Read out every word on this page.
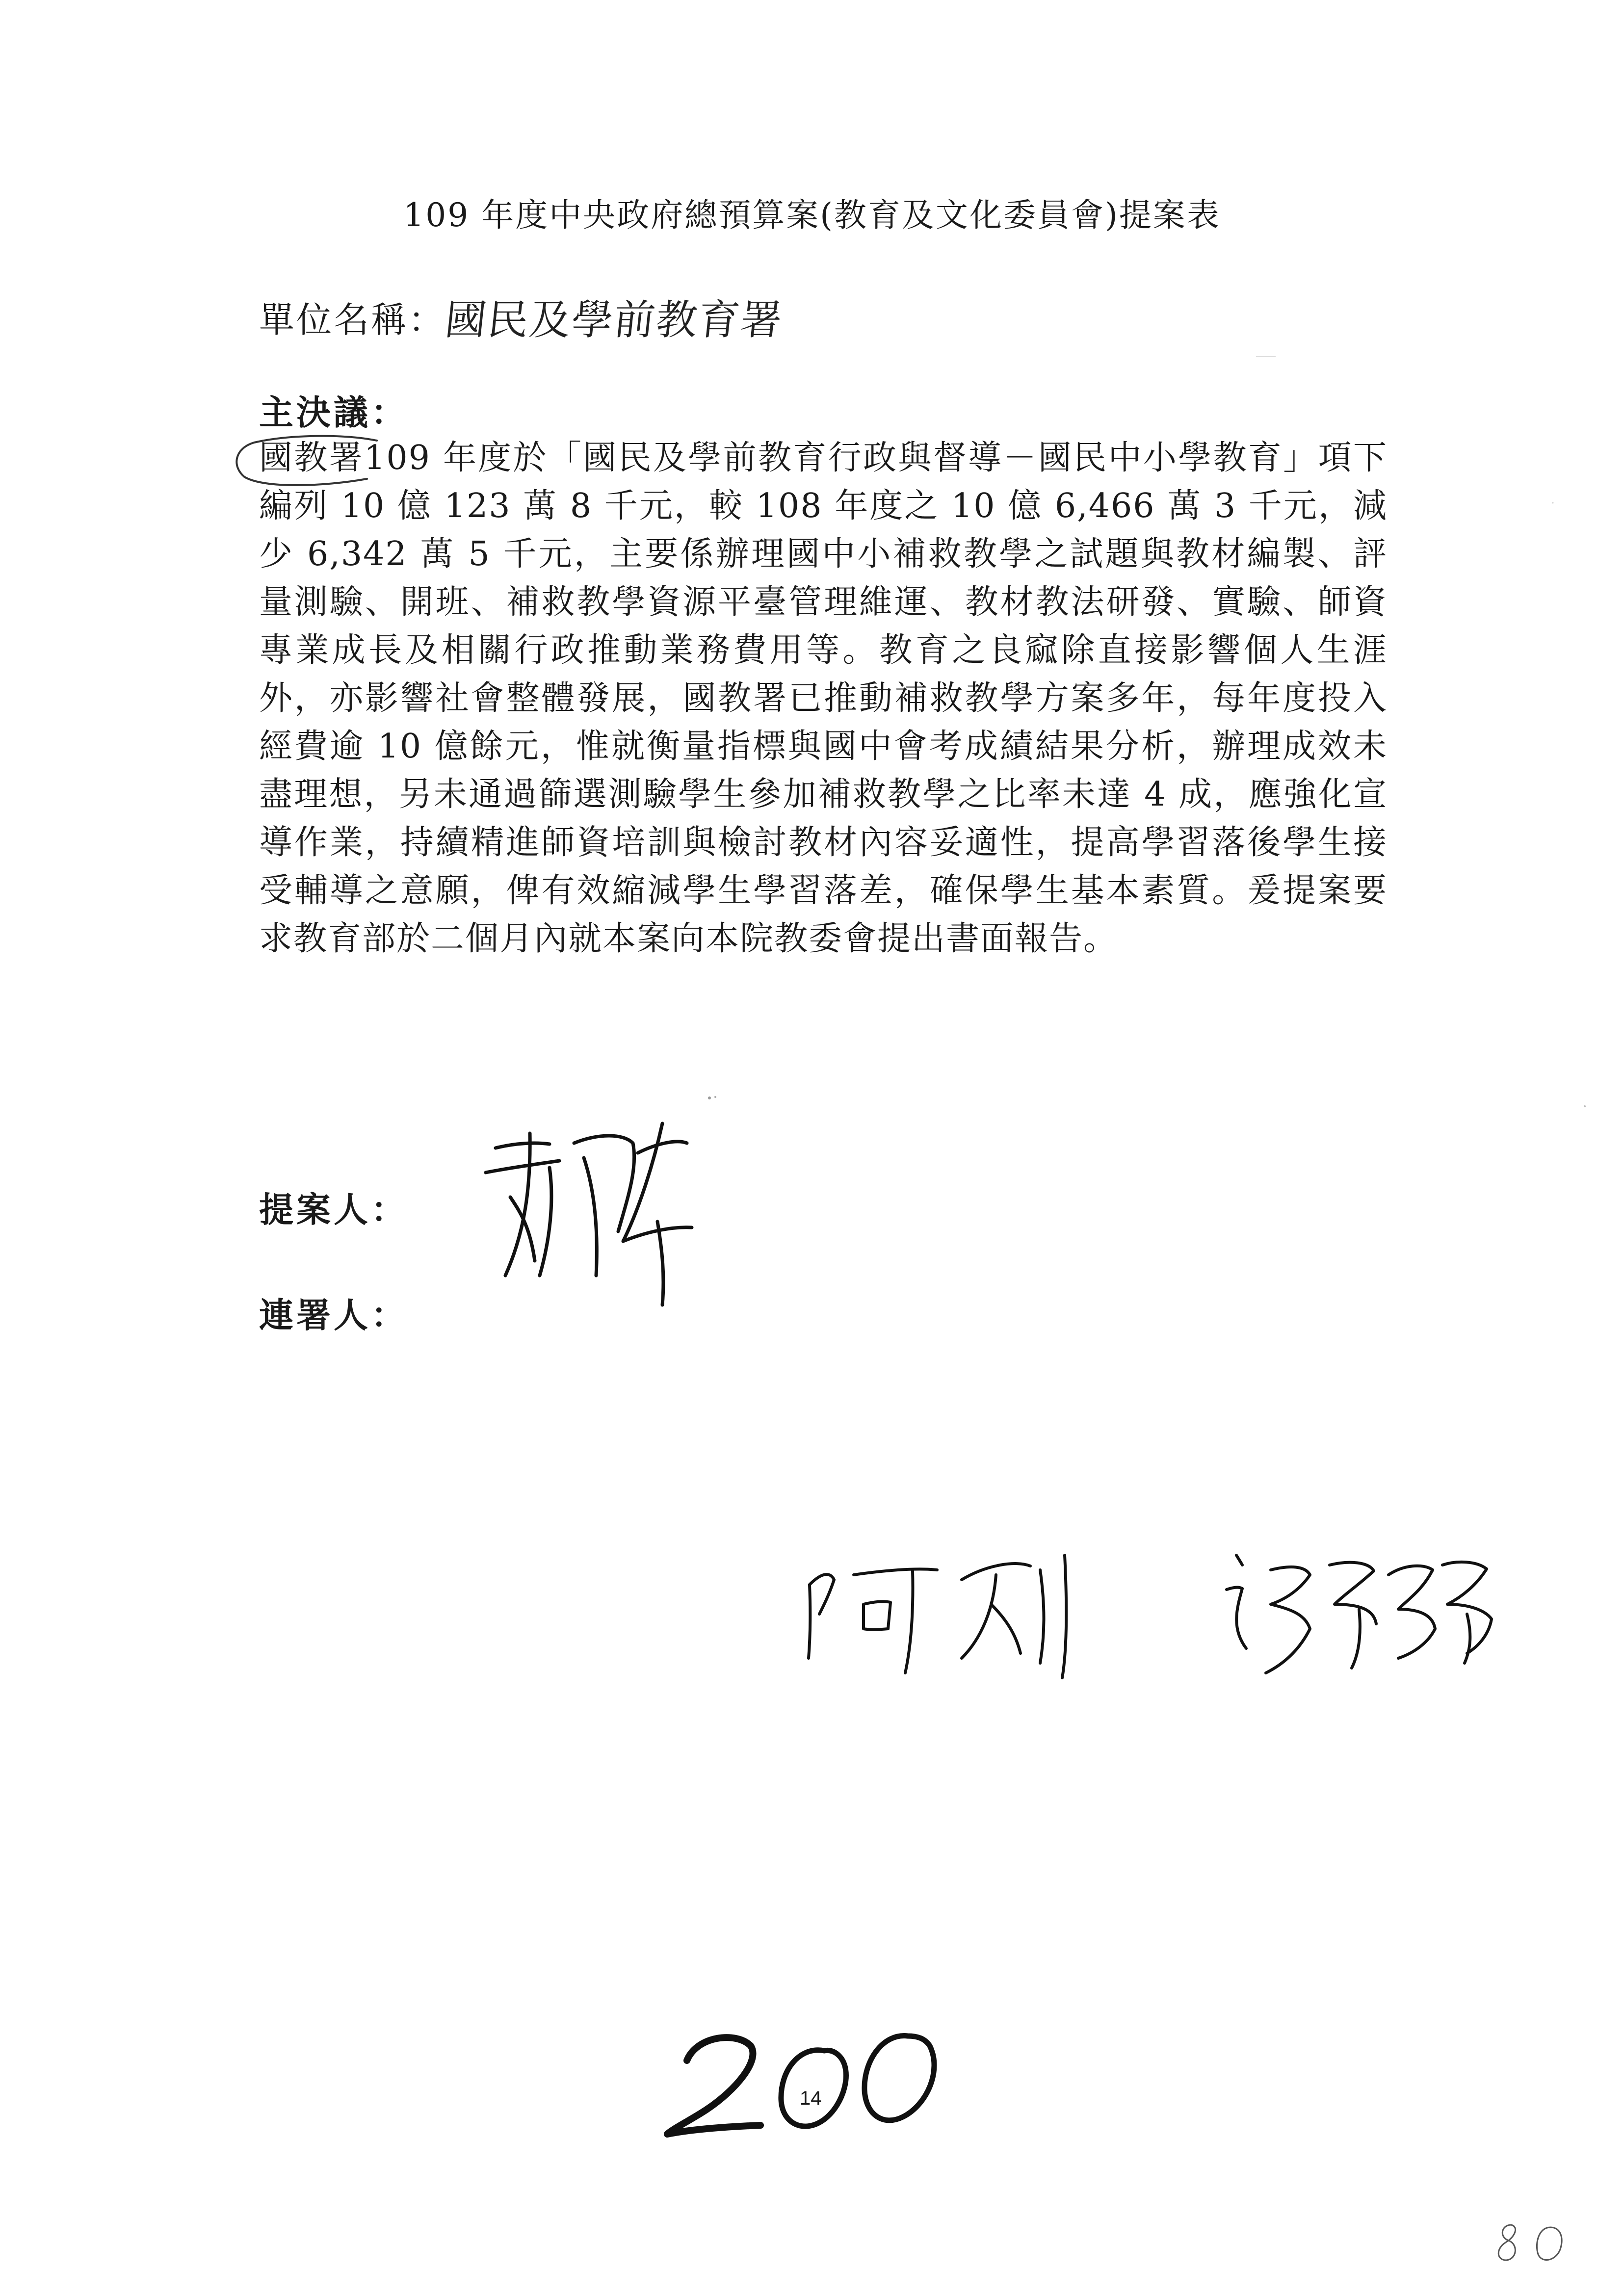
109 年度中央政府總預算案(教育及文化委員會)提案表
單位名稱：
國民及學前教育署
主決議：
國教署109 年度於「國民及學前教育行政與督導－國民中小學教育」項下編列 10 億 123 萬 8 千元，較 108 年度之 10 億 6,466 萬 3 千元，減少 6,342 萬 5 千元，主要係辦理國中小補救教學之試題與教材編製、評量測驗、開班、補救教學資源平臺管理維運、教材教法研發、實驗、師資專業成長及相關行政推動業務費用等。教育之良窳除直接影響個人生涯外，亦影響社會整體發展，國教署已推動補救教學方案多年，每年度投入經費逾 10 億餘元，惟就衡量指標與國中會考成績結果分析，辦理成效未盡理想，另未通過篩選測驗學生參加補救教學之比率未達 4 成，應強化宣導作業，持續精進師資培訓與檢討教材內容妥適性，提高學習落後學生接受輔導之意願，俾有效縮減學生學習落差，確保學生基本素質。爰提案要求教育部於二個月內就本案向本院教委會提出書面報告。
提案人：
連署人：
14
